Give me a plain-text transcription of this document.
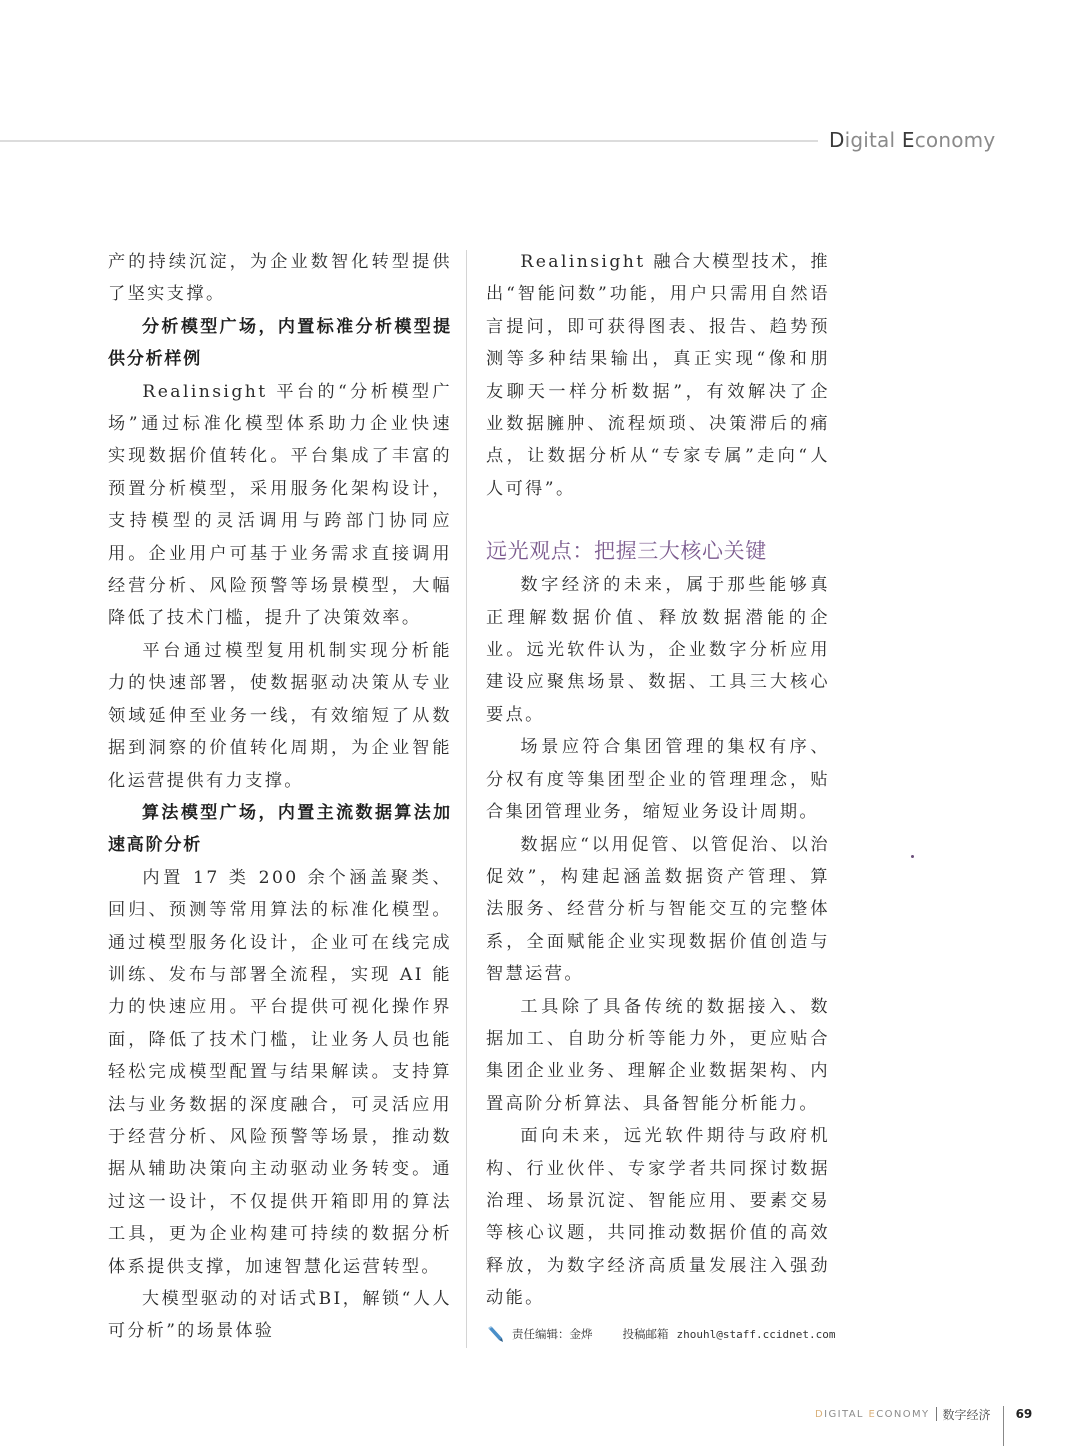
Digital Economy

产的持续沉淀，为企业数智化转型提供了坚实支撑。

分析模型广场，内置标准分析模型提供分析样例

Realinsight 平台的“分析模型广场”通过标准化模型体系助力企业快速实现数据价值转化。平台集成了丰富的预置分析模型，采用服务化架构设计，支持模型的灵活调用与跨部门协同应用。企业用户可基于业务需求直接调用经营分析、风险预警等场景模型，大幅降低了技术门槛，提升了决策效率。

平台通过模型复用机制实现分析能力的快速部署，使数据驱动决策从专业领域延伸至业务一线，有效缩短了从数据到洞察的价值转化周期，为企业智能化运营提供有力支撑。

算法模型广场，内置主流数据算法加速高阶分析

内置 17 类 200 余个涵盖聚类、回归、预测等常用算法的标准化模型。通过模型服务化设计，企业可在线完成训练、发布与部署全流程，实现 AI 能力的快速应用。平台提供可视化操作界面，降低了技术门槛，让业务人员也能轻松完成模型配置与结果解读。支持算法与业务数据的深度融合，可灵活应用于经营分析、风险预警等场景，推动数据从辅助决策向主动驱动业务转变。通过这一设计，不仅提供开箱即用的算法工具，更为企业构建可持续的数据分析体系提供支撑，加速智慧化运营转型。

大模型驱动的对话式BI，解锁“人人可分析”的场景体验

Realinsight 融合大模型技术，推出“智能问数”功能，用户只需用自然语言提问，即可获得图表、报告、趋势预测等多种结果输出，真正实现“像和朋友聊天一样分析数据”，有效解决了企业数据臃肿、流程烦琐、决策滞后的痛点，让数据分析从“专家专属”走向“人人可得”。

远光观点：把握三大核心关键

数字经济的未来，属于那些能够真正理解数据价值、释放数据潜能的企业。远光软件认为，企业数字分析应用建设应聚焦场景、数据、工具三大核心要点。

场景应符合集团管理的集权有序、分权有度等集团型企业的管理理念，贴合集团管理业务，缩短业务设计周期。

数据应“以用促管、以管促治、以治促效”，构建起涵盖数据资产管理、算法服务、经营分析与智能交互的完整体系，全面赋能企业实现数据价值创造与智慧运营。

工具除了具备传统的数据接入、数据加工、自助分析等能力外，更应贴合集团企业业务、理解企业数据架构、内置高阶分析算法、具备智能分析能力。

面向未来，远光软件期待与政府机构、行业伙伴、专家学者共同探讨数据治理、场景沉淀、智能应用、要素交易等核心议题，共同推动数据价值的高效释放，为数字经济高质量发展注入强劲动能。

责任编辑：金烨	投稿邮箱 zhouhl@staff.ccidnet.com
DIGITAL ECONOMY 数字经济 69
